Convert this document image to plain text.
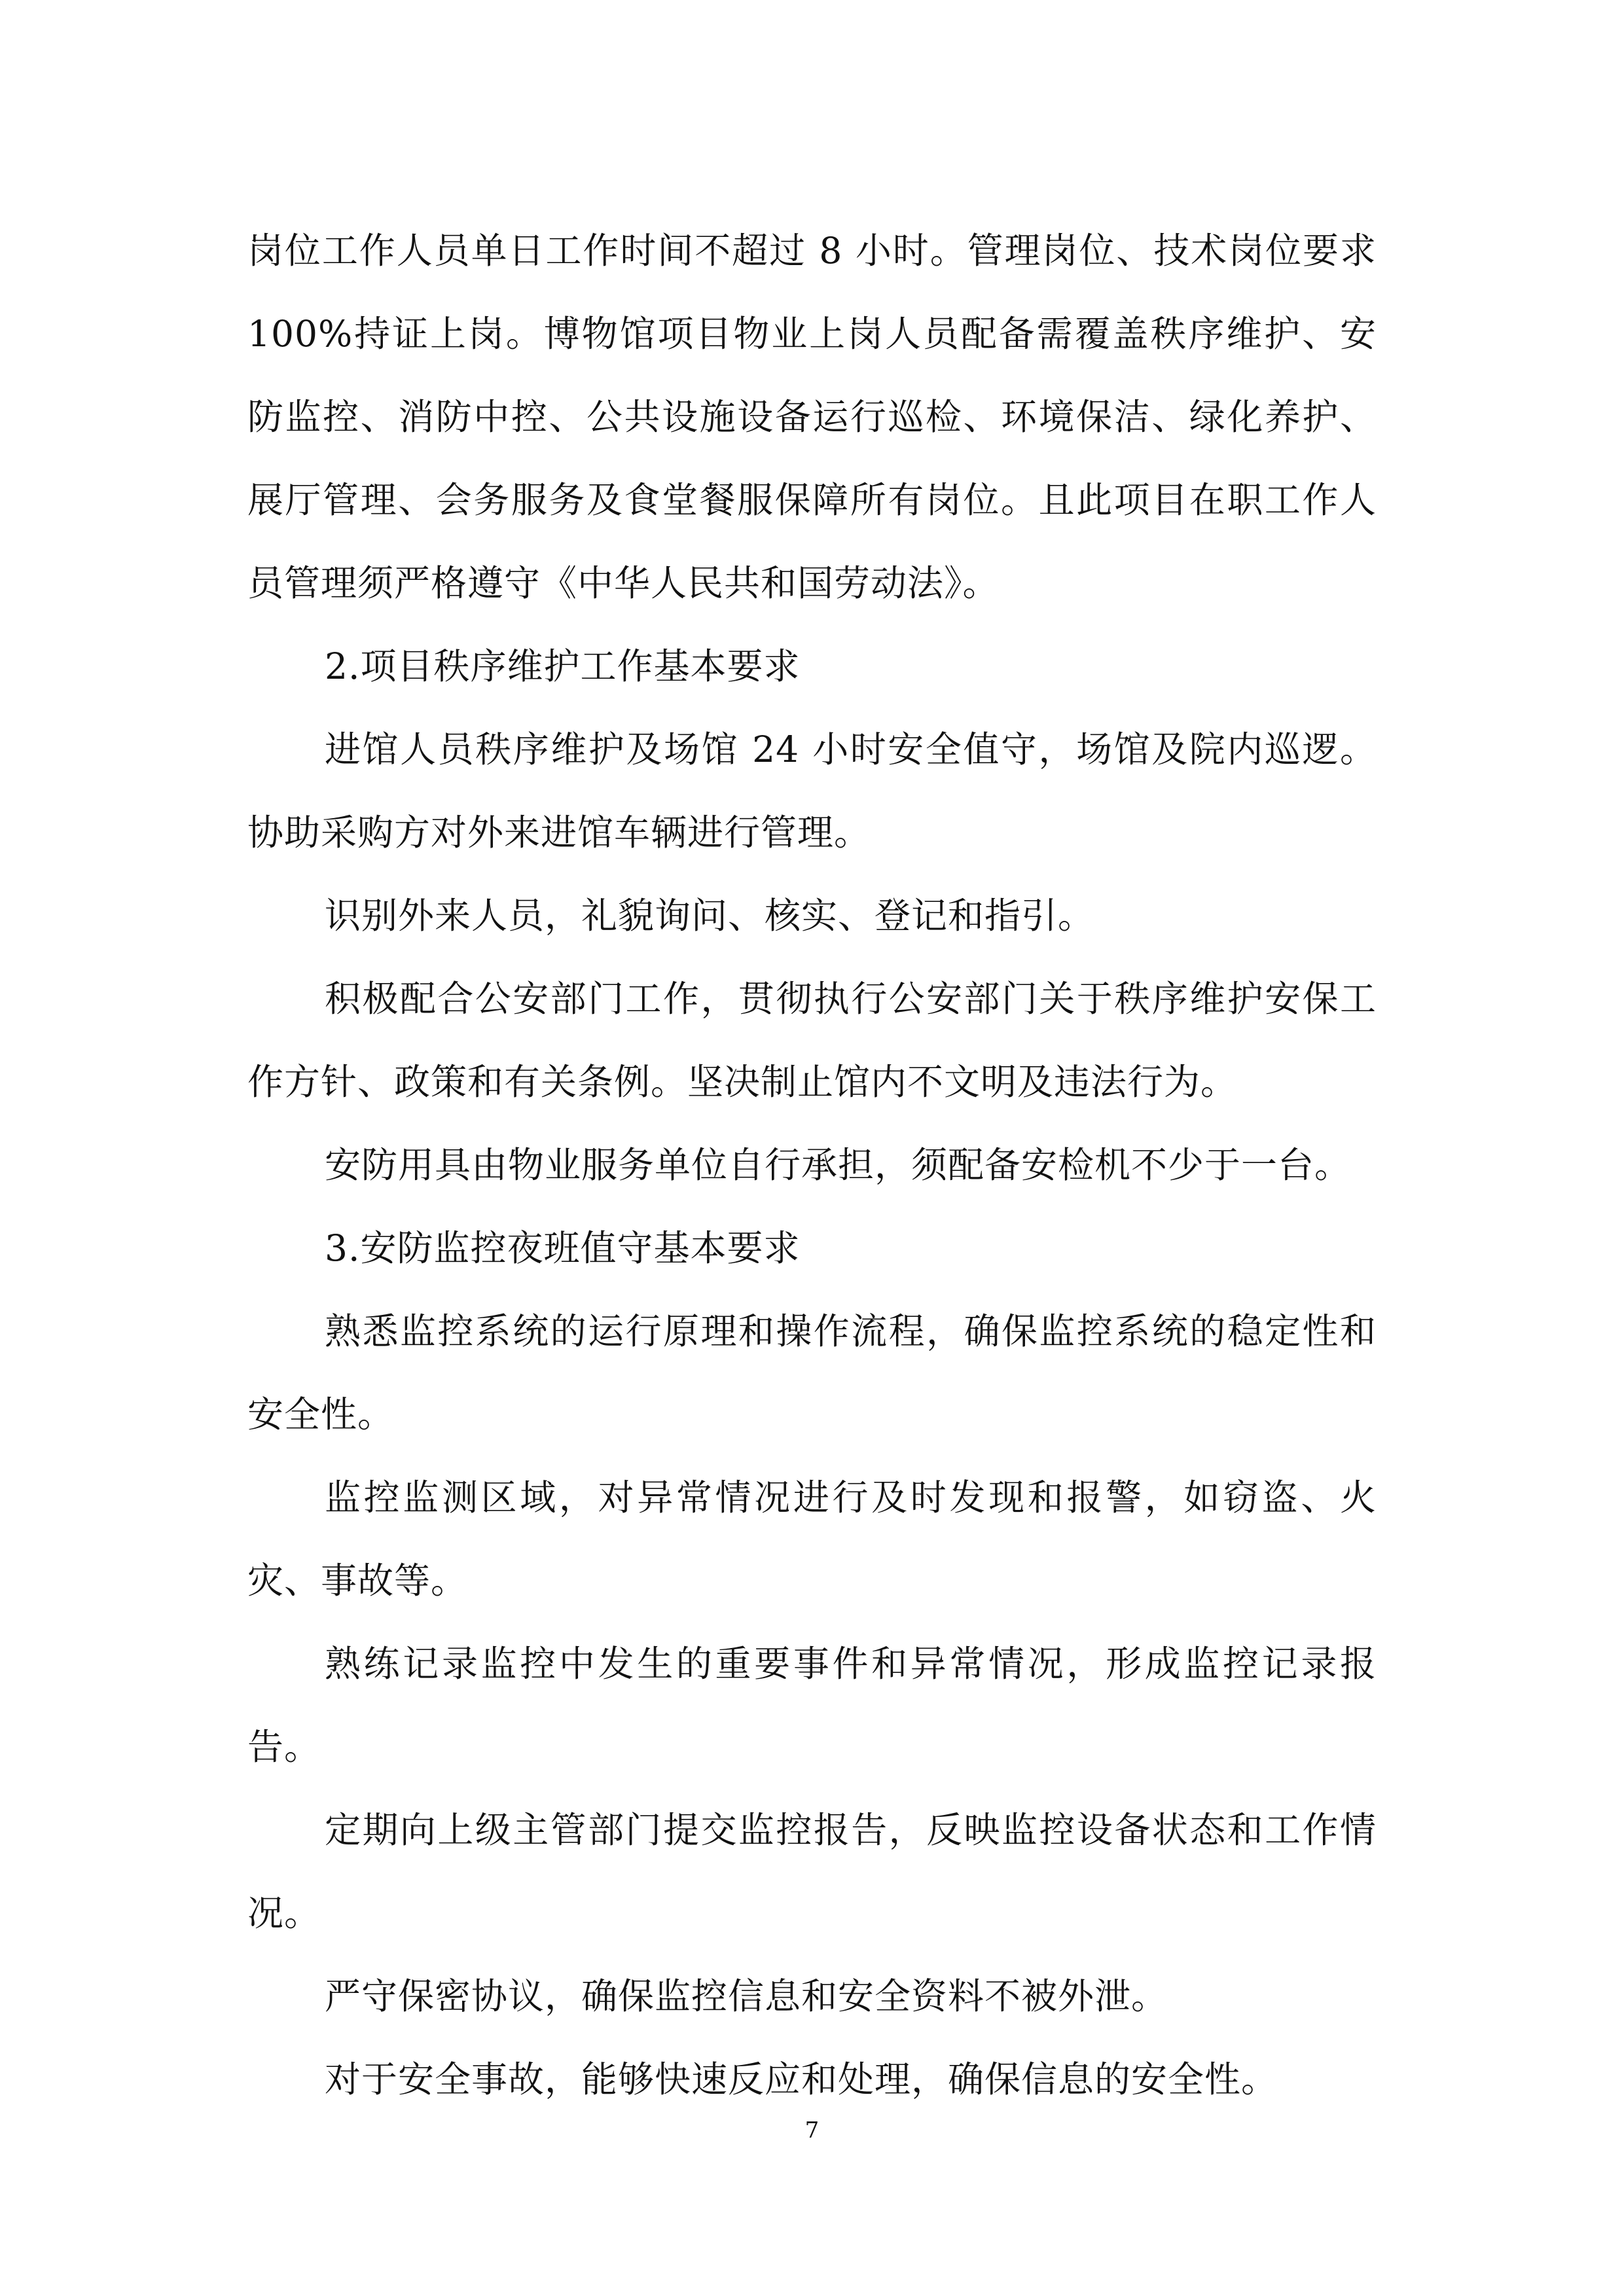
岗位工作人员单日工作时间不超过 8 小时。管理岗位、技术岗位要求 100%持证上岗。博物馆项目物业上岗人员配备需覆盖秩序维护、安防监控、消防中控、公共设施设备运行巡检、环境保洁、绿化养护、展厅管理、会务服务及食堂餐服保障所有岗位。且此项目在职工作人员管理须严格遵守《中华人民共和国劳动法》。

2.项目秩序维护工作基本要求

进馆人员秩序维护及场馆 24 小时安全值守，场馆及院内巡逻。协助采购方对外来进馆车辆进行管理。

识别外来人员，礼貌询问、核实、登记和指引。

积极配合公安部门工作，贯彻执行公安部门关于秩序维护安保工作方针、政策和有关条例。坚决制止馆内不文明及违法行为。

安防用具由物业服务单位自行承担，须配备安检机不少于一台。

3.安防监控夜班值守基本要求

熟悉监控系统的运行原理和操作流程，确保监控系统的稳定性和安全性。

监控监测区域，对异常情况进行及时发现和报警，如窃盗、火灾、事故等。

熟练记录监控中发生的重要事件和异常情况，形成监控记录报告。

定期向上级主管部门提交监控报告，反映监控设备状态和工作情况。

严守保密协议，确保监控信息和安全资料不被外泄。

对于安全事故，能够快速反应和处理，确保信息的安全性。

7
